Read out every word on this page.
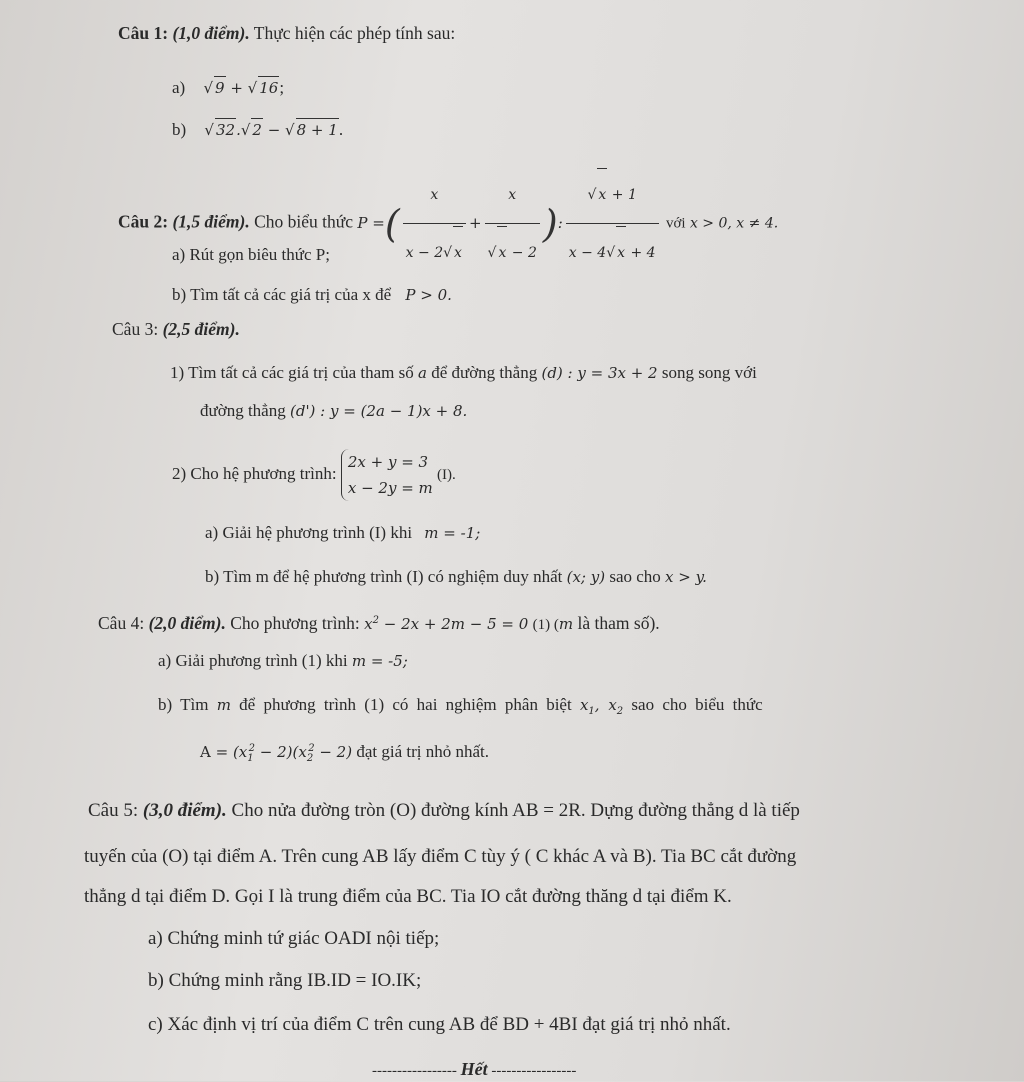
Câu 1: (1,0 điểm). Thực hiện các phép tính sau:
a) √ 9 + √ 16;
b) √ 32.√ 2 − √ 8 + 1.
Câu 2: (1,5 điểm). Cho biểu thức P =( $\frac{x}{x - 2√ x} + \frac{x}{√ x - 2}$ ): $\frac{√ x + 1}{x - 4√ x + 4}$ với x > 0, x ≠ 4.
a) Rút gọn biêu thức P;
b) Tìm tất cả các giá trị của x để P > 0.
Câu 3: (2,5 điểm).
1) Tìm tất cả các giá trị của tham số a để đường thẳng (d) : y = 3x + 2 song song với
đường thẳng (d') : y = (2a − 1)x + 8.
2) Cho hệ phương trình:
2x + y = 3
x − 2y = m
(I).
a) Giải hệ phương trình (I) khi m = -1;
b) Tìm m để hệ phương trình (I) có nghiệm duy nhất (x; y) sao cho x > y.
Câu 4: (2,0 điểm). Cho phương trình: $x^2 - 2x + 2m - 5 = 0$ (1) (m là tham số).
a) Giải phương trình (1) khi m = -5;
b) Tìm m để phương trình (1) có hai nghiệm phân biệt $x_1$, $x_2$ sao cho biểu thức
$A = (x_1^2 - 2)(x_2^2 - 2)$ đạt giá trị nhỏ nhất.
Câu 5: (3,0 điểm). Cho nửa đường tròn (O) đường kính AB = 2R. Dựng đường thẳng d là tiếp
tuyến của (O) tại điểm A. Trên cung AB lấy điểm C tùy ý ( C khác A và B). Tia BC cắt đường
thẳng d tại điểm D. Gọi I là trung điểm của BC. Tia IO cắt đường thăng d tại điểm K.
a) Chứng minh tứ giác OADI nội tiếp;
b) Chứng minh rằng IB.ID = IO.IK;
c) Xác định vị trí của điểm C trên cung AB để BD + 4BI đạt giá trị nhỏ nhất.
----------------- Hết -----------------
